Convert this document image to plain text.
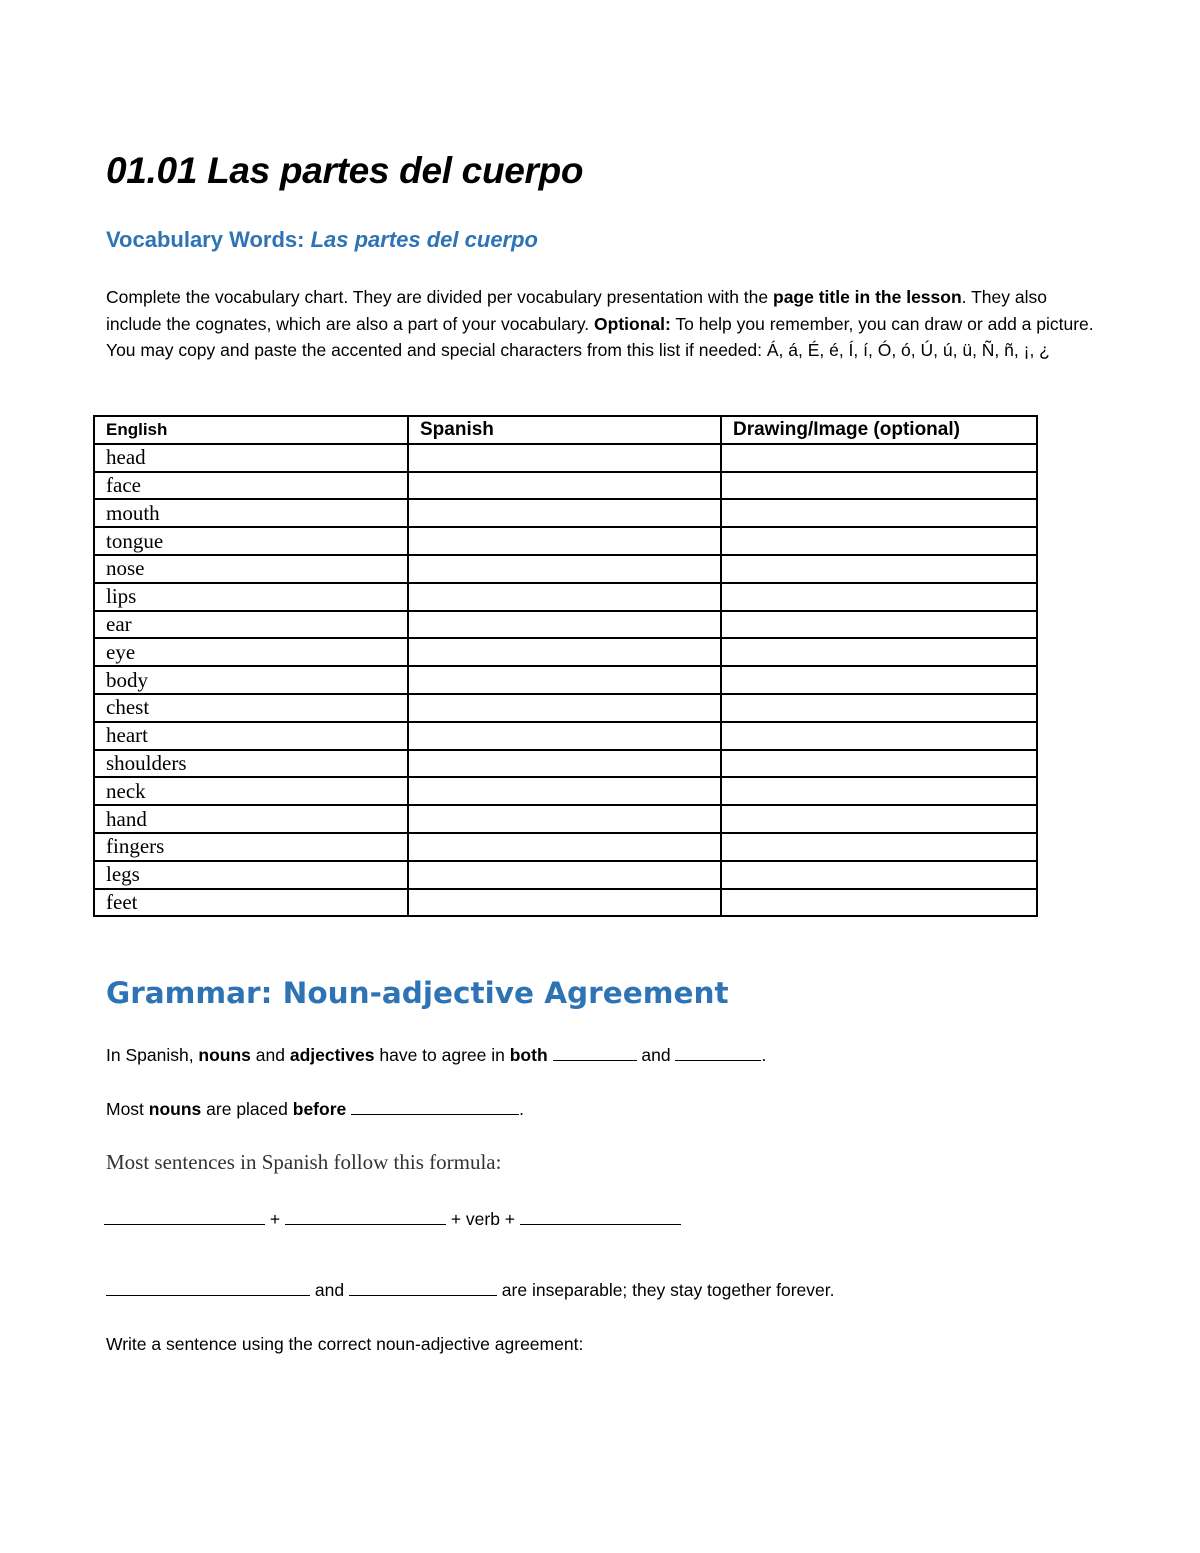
01.01 Las partes del cuerpo
Vocabulary Words: Las partes del cuerpo

Complete the vocabulary chart. They are divided per vocabulary presentation with the page title in the lesson. They also include the cognates, which are also a part of your vocabulary. Optional: To help you remember, you can draw or add a picture. You may copy and paste the accented and special characters from this list if needed: Á, á, É, é, Í, í, Ó, ó, Ú, ú, ü, Ñ, ñ, ¡, ¿

English	Spanish	Drawing/Image (optional)
head		
face		
mouth		
tongue		
nose		
lips		
ear		
eye		
body		
chest		
heart		
shoulders		
neck		
hand		
fingers		
legs		
feet		
Grammar: Noun-adjective Agreement

In Spanish, nouns and adjectives have to agree in both	and	.

Most nouns are placed before	.

Most sentences in Spanish follow this formula:

+	+ verb +

and	are inseparable; they stay together forever.

Write a sentence using the correct noun-adjective agreement:
